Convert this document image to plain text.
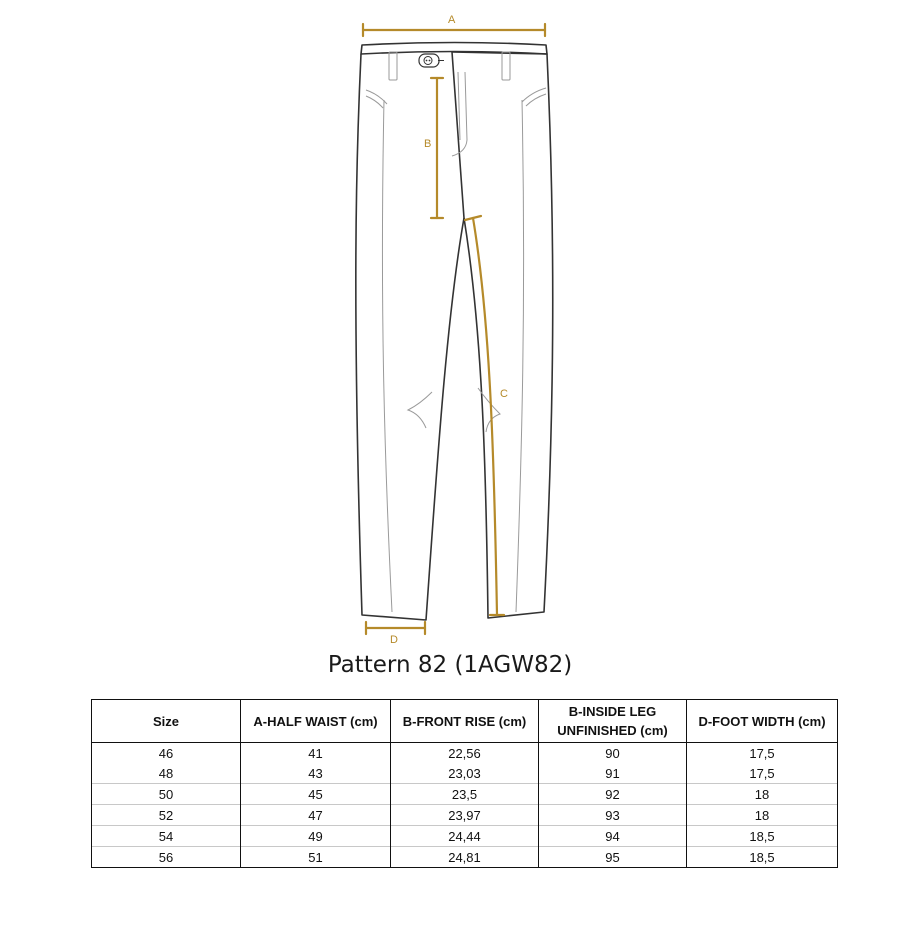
A
B
C
D
Pattern 82 (1AGW82)
Size	A-HALF WAIST (cm)	B-FRONT RISE (cm)	B-INSIDE LEG UNFINISHED (cm)	D-FOOT WIDTH (cm)
46	41	22,56	90	17,5
48	43	23,03	91	17,5
50	45	23,5	92	18
52	47	23,97	93	18
54	49	24,44	94	18,5
56	51	24,81	95	18,5
